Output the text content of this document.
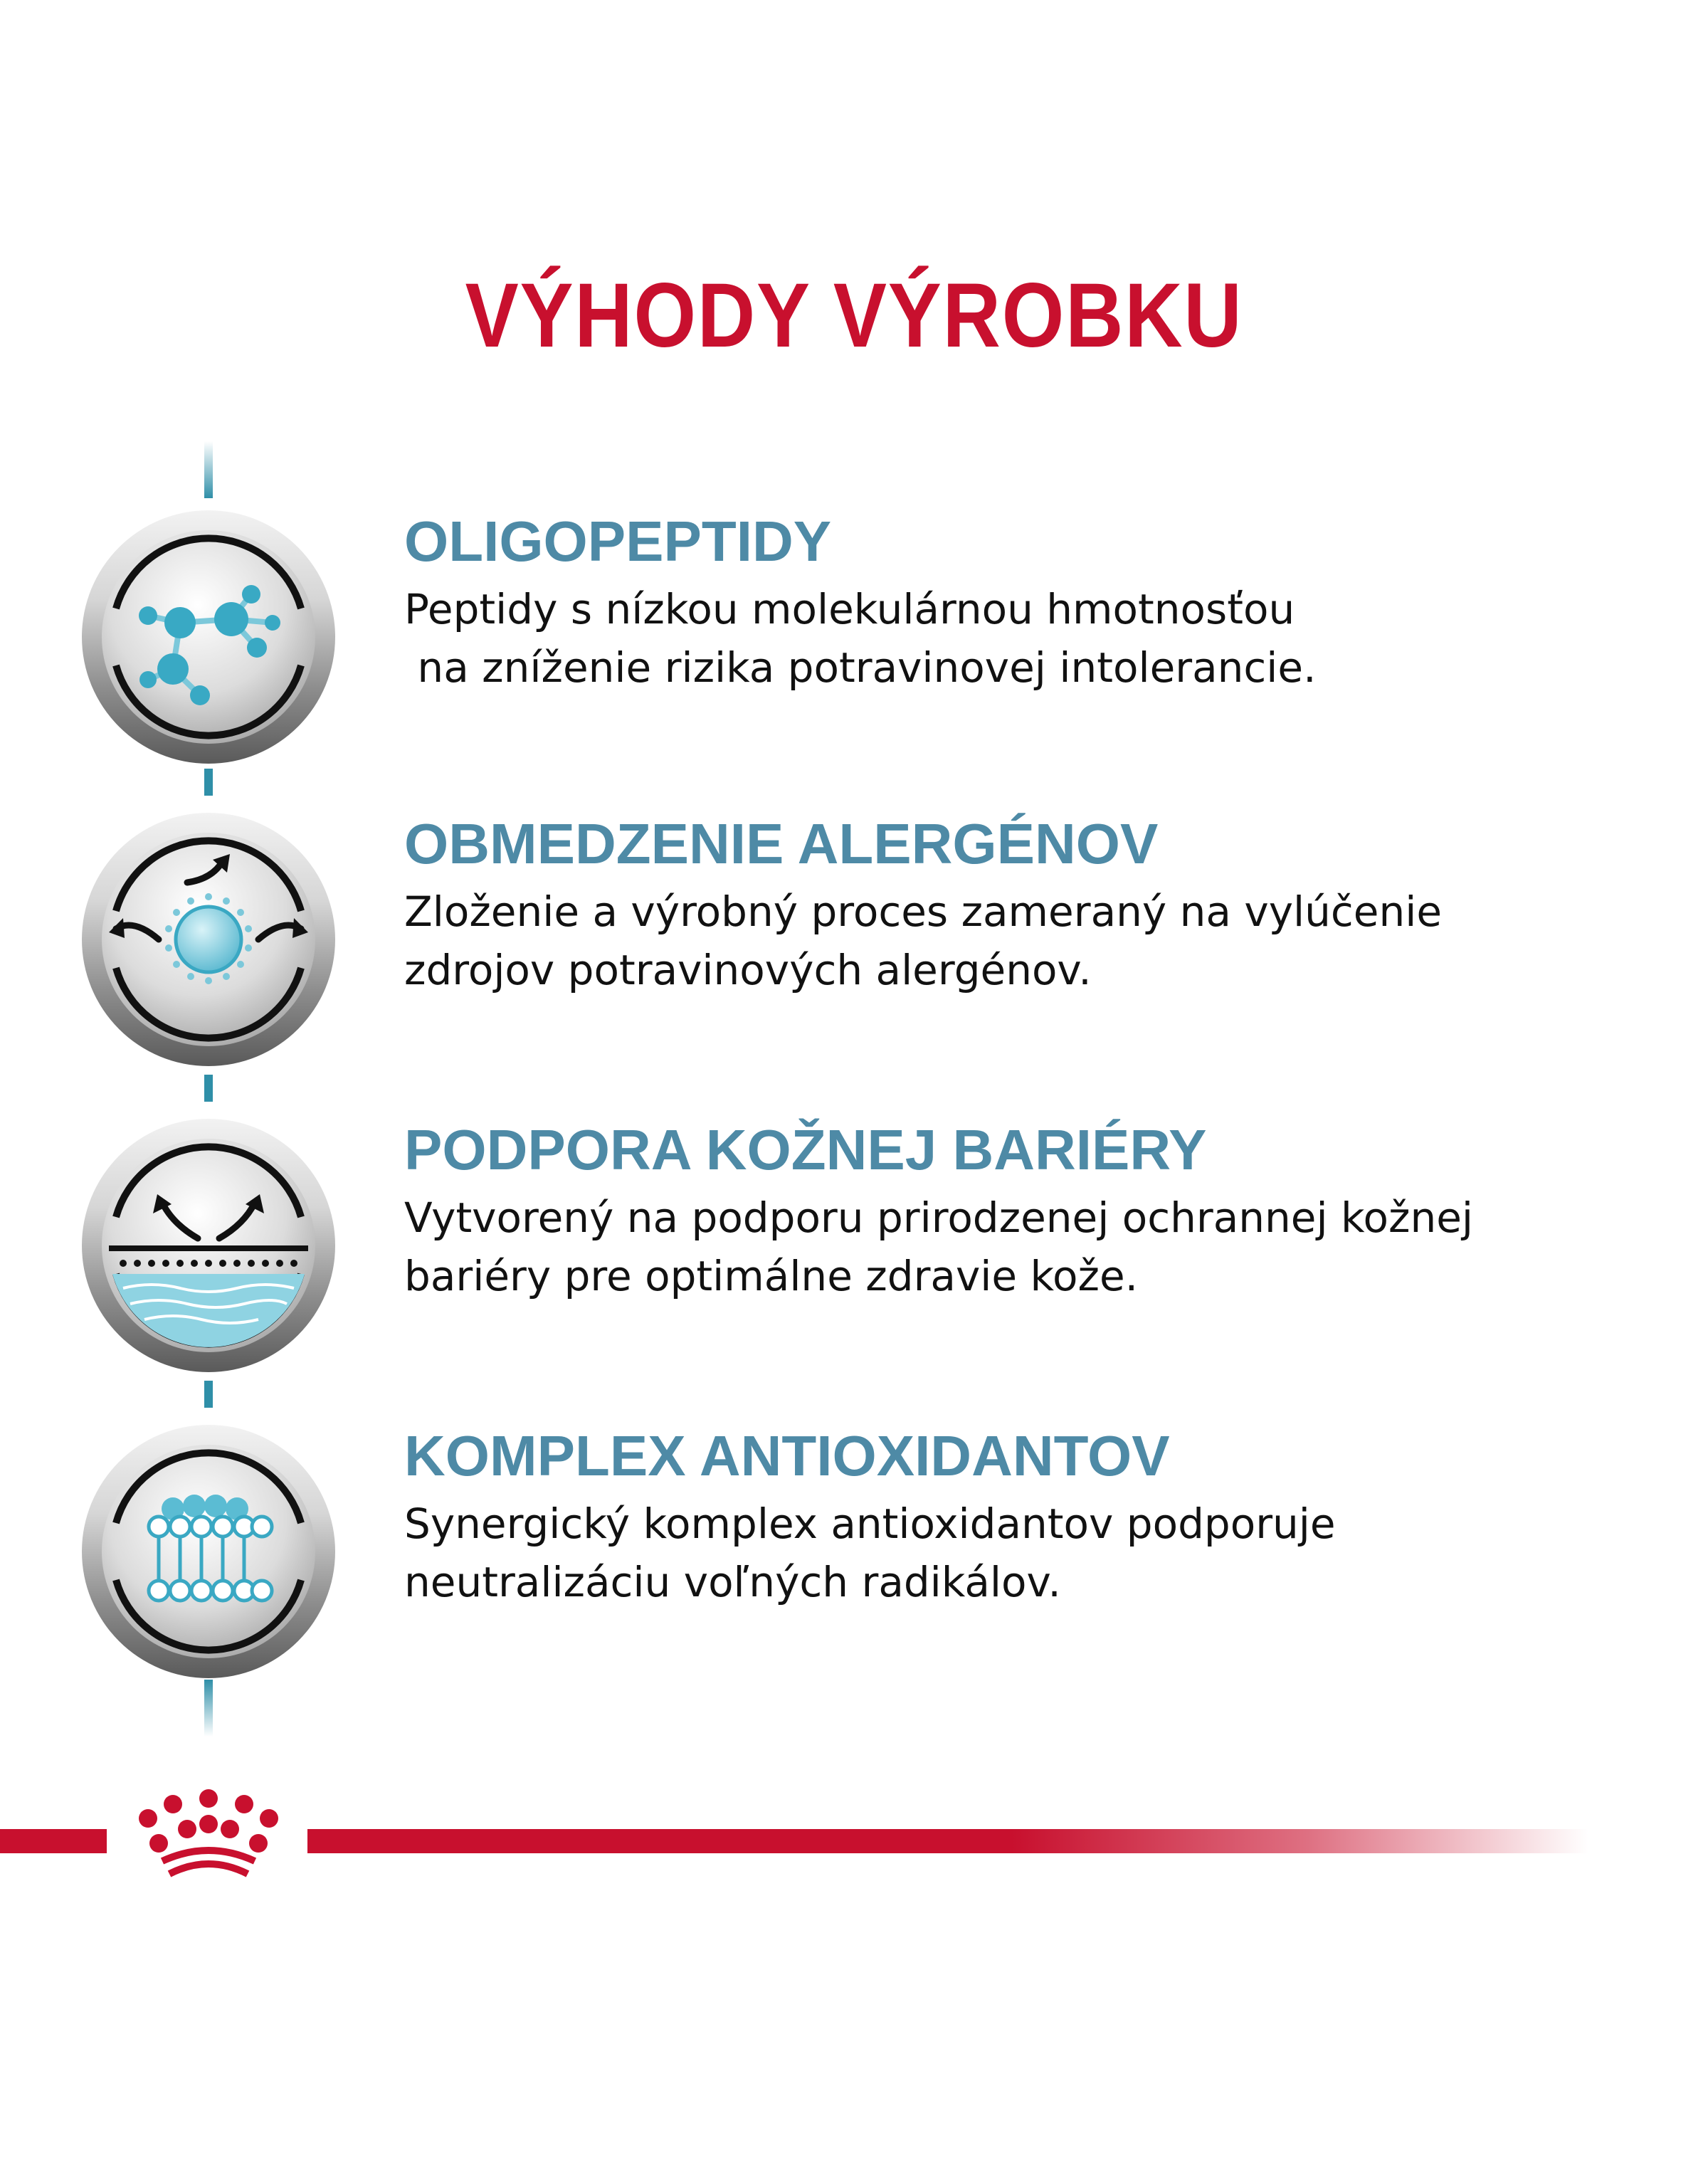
VÝHODY VÝROBKU
OLIGOPEPTIDY
Peptidy s nízkou molekulárnou hmotnosťou
na zníženie rizika potravinovej intolerancie.
OBMEDZENIE ALERGÉNOV
Zloženie a výrobný proces zameraný na vylúčenie
zdrojov potravinových alergénov.
PODPORA KOŽNEJ BARIÉRY
Vytvorený na podporu prirodzenej ochrannej kožnej
bariéry pre optimálne zdravie kože.
KOMPLEX ANTIOXIDANTOV
Synergický komplex antioxidantov podporuje
neutralizáciu voľných radikálov.
